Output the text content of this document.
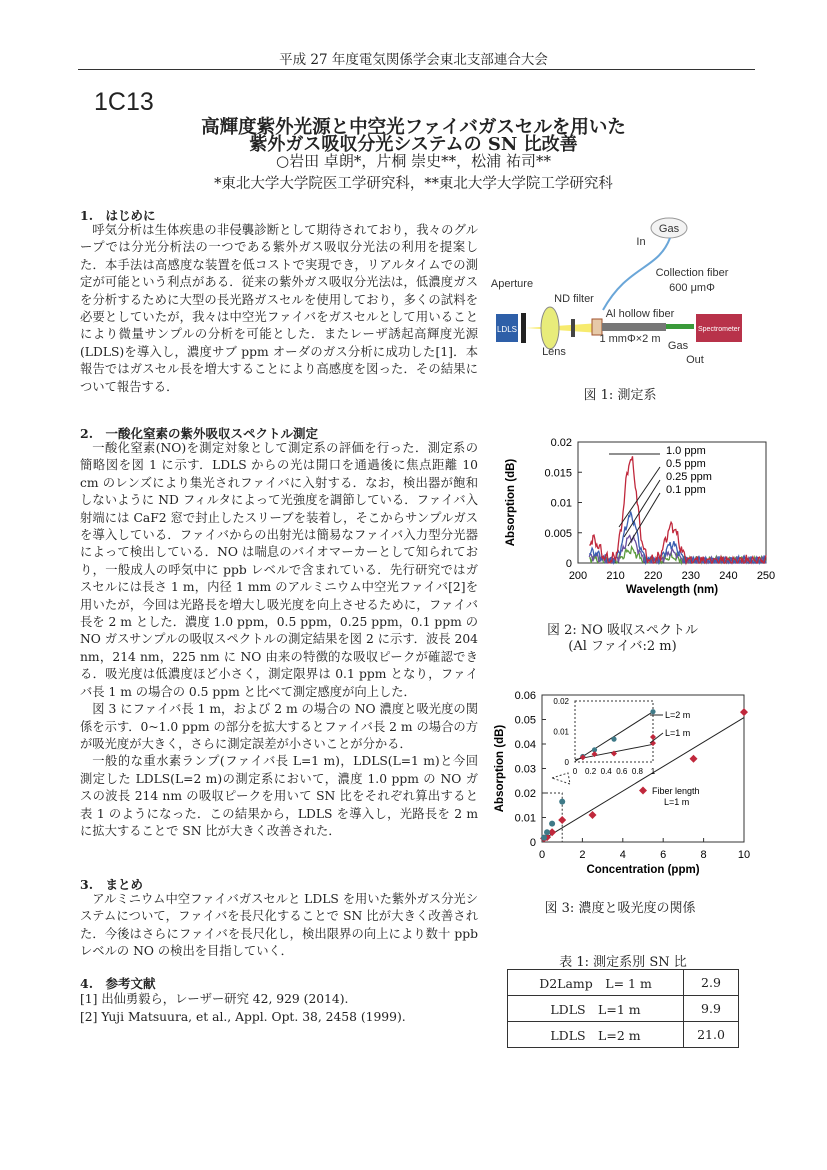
平成 27 年度電気関係学会東北支部連合大会
1C13
高輝度紫外光源と中空光ファイバガスセルを用いた
紫外ガス吸収分光システムの SN 比改善
○岩田 卓朗*，片桐 崇史**，松浦 祐司**
*東北大学大学院医工学研究科，**東北大学大学院工学研究科
1.　はじめに

呼気分析は生体疾患の非侵襲診断として期待されており，我々のグループでは分光分析法の一つである紫外ガス吸収分光法の利用を提案した．本手法は高感度な装置を低コストで実現でき，リアルタイムでの測定が可能という利点がある．従来の紫外ガス吸収分光法は，低濃度ガスを分析するために大型の長光路ガスセルを使用しており，多くの試料を必要としていたが，我々は中空光ファイバをガスセルとして用いることにより微量サンプルの分析を可能とした．またレーザ誘起高輝度光源(LDLS)を導入し，濃度サブ ppm オーダのガス分析に成功した[1]．本報告ではガスセル長を増大することにより高感度を図った．その結果について報告する．

2.　一酸化窒素の紫外吸収スペクトル測定

一酸化窒素(NO)を測定対象として測定系の評価を行った．測定系の簡略図を図 1 に示す．LDLS からの光は開口を通過後に焦点距離 10 cm のレンズにより集光されファイバに入射する．なお，検出器が飽和しないように ND フィルタによって光強度を調節している．ファイバ入射端には CaF2 窓で封止したスリーブを装着し，そこからサンプルガスを導入している．ファイバからの出射光は簡易なファイバ入力型分光器によって検出している．NO は喘息のバイオマーカーとして知られており，一般成人の呼気中に ppb レベルで含まれている．先行研究ではガスセルには長さ 1 m，内径 1 mm のアルミニウム中空光ファイバ[2]を用いたが，今回は光路長を増大し吸光度を向上させるために，ファイバ長を 2 m とした．濃度 1.0 ppm，0.5 ppm，0.25 ppm，0.1 ppm の NO ガスサンプルの吸収スペクトルの測定結果を図 2 に示す．波長 204 nm，214 nm，225 nm に NO 由来の特徴的な吸収ピークが確認できる．吸光度は低濃度ほど小さく，測定限界は 0.1 ppm となり，ファイバ長 1 m の場合の 0.5 ppm と比べて測定感度が向上した．

図 3 にファイバ長 1 m，および 2 m の場合の NO 濃度と吸光度の関係を示す．0~1.0 ppm の部分を拡大するとファイバ長 2 m の場合の方が吸光度が大きく，さらに測定誤差が小さいことが分かる．

一般的な重水素ランプ(ファイバ長 L=1 m)，LDLS(L=1 m)と今回測定した LDLS(L=2 m)の測定系において，濃度 1.0 ppm の NO ガスの波長 214 nm の吸収ピークを用いて SN 比をそれぞれ算出すると表 1 のようになった．この結果から，LDLS を導入し，光路長を 2 m に拡大することで SN 比が大きく改善された．

3.　まとめ

アルミニウム中空ファイバガスセルと LDLS を用いた紫外ガス分光システムについて，ファイバを長尺化することで SN 比が大きく改善された．今後はさらにファイバを長尺化し，検出限界の向上により数十 ppb レベルの NO の検出を目指していく．

4.　参考文献
[1] 出仙勇毅ら，レーザー研究 42, 929 (2014).
[2] Yuji Matsuura, et al., Appl. Opt. 38, 2458 (1999).
Gas
In
Collection fiber
600 μmΦ
Aperture
ND filter
Al hollow fiber
LDLS
Lens
1 mmΦ×2 m
Spectrometer
Gas
Out
図 1: 測定系
200 210 220 230 240 250
0
0.005
0.01
0.015
0.02
Wavelength (nm)
Absorption (dB)
1.0 ppm
0.5 ppm
0.25 ppm
0.1 ppm
図 2: NO 吸収スペクトル
(Al ファイバ:2 m)
0	2	4	6	8	10
0
0.01
0.02
0.03
0.04
0.05
0.06
Concentration (ppm)
Absorption (dB)	0
0.01
0.02
0 0.2 0.4 0.6 0.8 1
L=2 m
L=1 m
Fiber length
L=1 m
図 3: 濃度と吸光度の関係
表 1: 測定系別 SN 比
D2Lamp　L= 1 m	2.9
LDLS　L=1 m	9.9
LDLS　L=2 m	21.0
